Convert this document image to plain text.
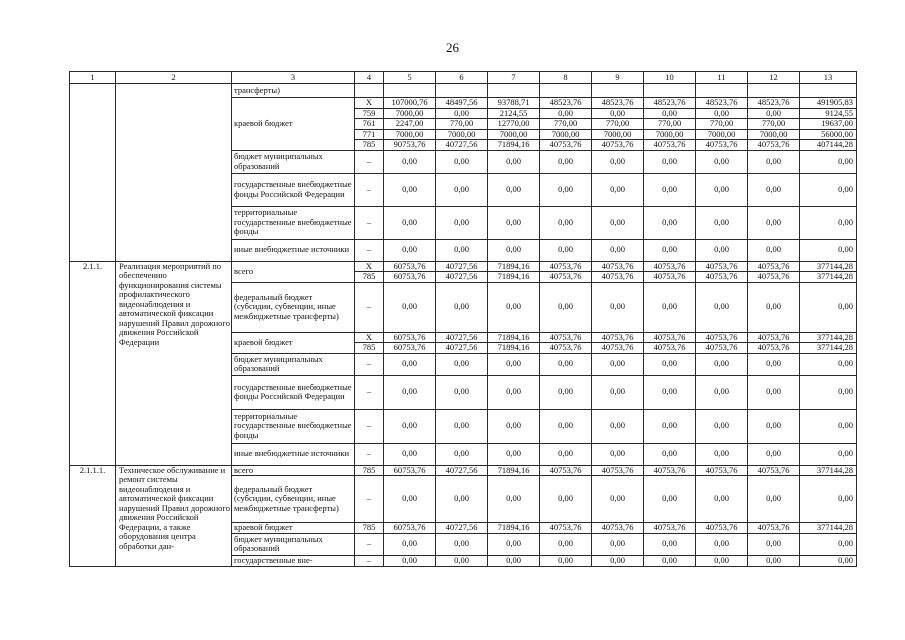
26
1	2	3	4	5	6	7	8	9	10	11	12	13
		трансферты)										
		краевой бюджет	Х	107000,76	48497,56	93788,71	48523,76	48523,76	48523,76	48523,76	48523,76	491905,83
			759	7000,00	0,00	2124,55	0,00	0,00	0,00	0,00	0,00	9124,55
			761	2247,00	770,00	12770,00	770,00	770,00	770,00	770,00	770,00	19637,00
			771	7000,00	7000,00	7000,00	7000,00	7000,00	7000,00	7000,00	7000,00	56000,00
			785	90753,76	40727,56	71894,16	40753,76	40753,76	40753,76	40753,76	40753,76	407144,28
		бюджет муниципальных образований	–	0,00	0,00	0,00	0,00	0,00	0,00	0,00	0,00	0,00
		государственные внебюджетные фонды Российской Федерации	–	0,00	0,00	0,00	0,00	0,00	0,00	0,00	0,00	0,00
		территориальные государственные внебюджетные фонды	–	0,00	0,00	0,00	0,00	0,00	0,00	0,00	0,00	0,00
		иные внебюджетные источники	–	0,00	0,00	0,00	0,00	0,00	0,00	0,00	0,00	0,00
2.1.1.	Реализация мероприятий по обеспечению функционирования системы профилактического видеонаблюдения и автоматической фиксации нарушений Правил дорожного движения Российской Федерации	всего	Х	60753,76	40727,56	71894,16	40753,76	40753,76	40753,76	40753,76	40753,76	377144,28
			785	60753,76	40727,56	71894,16	40753,76	40753,76	40753,76	40753,76	40753,76	377144,28
		федеральный бюджет (субсидии, субвенции, иные межбюджетные трансферты)	–	0,00	0,00	0,00	0,00	0,00	0,00	0,00	0,00	0,00
		краевой бюджет	Х	60753,76	40727,56	71894,16	40753,76	40753,76	40753,76	40753,76	40753,76	377144,28
			785	60753,76	40727,56	71894,16	40753,76	40753,76	40753,76	40753,76	40753,76	377144,28
		бюджет муниципальных образований	–	0,00	0,00	0,00	0,00	0,00	0,00	0,00	0,00	0,00
		государственные внебюджетные фонды Российской Федерации	–	0,00	0,00	0,00	0,00	0,00	0,00	0,00	0,00	0,00
		территориальные государственные внебюджетные фонды	–	0,00	0,00	0,00	0,00	0,00	0,00	0,00	0,00	0,00
		иные внебюджетные источники	–	0,00	0,00	0,00	0,00	0,00	0,00	0,00	0,00	0,00
2.1.1.1.	Техническое обслуживание и ремонт системы видеонаблюдения и автоматической фиксации нарушений Правил дорожного движения Российской Федерации, а также оборудования центра обработки дан-	всего	785	60753,76	40727,56	71894,16	40753,76	40753,76	40753,76	40753,76	40753,76	377144,28
		федеральный бюджет (субсидии, субвенции, иные межбюджетные трансферты)	–	0,00	0,00	0,00	0,00	0,00	0,00	0,00	0,00	0,00
		краевой бюджет	785	60753,76	40727,56	71894,16	40753,76	40753,76	40753,76	40753,76	40753,76	377144,28
		бюджет муниципальных образований	–	0,00	0,00	0,00	0,00	0,00	0,00	0,00	0,00	0,00
		государственные вне-	–	0,00	0,00	0,00	0,00	0,00	0,00	0,00	0,00	0,00
